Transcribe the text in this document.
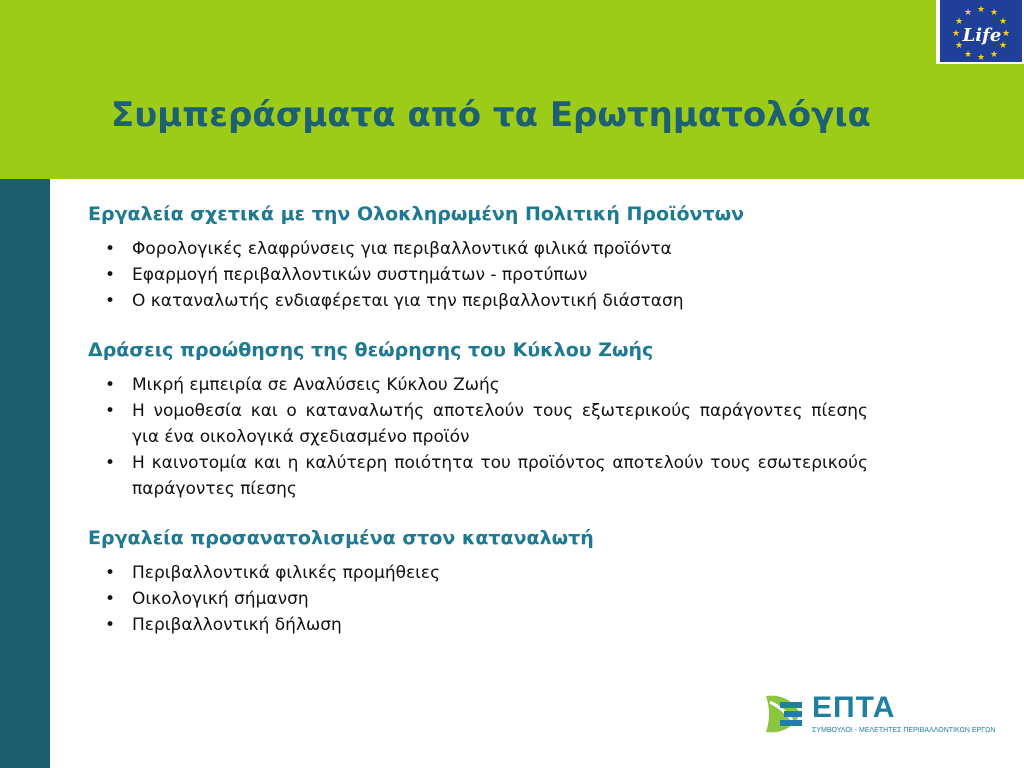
Συμπεράσματα από τα Ερωτηματολόγια
★ ★
★
★
★
★
★
★
★
★
★
★
Life
Εργαλεία σχετικά με την Ολοκληρωμένη Πολιτική Προϊόντων
• Φορολογικές ελαφρύνσεις για περιβαλλοντικά φιλικά προϊόντα
• Εφαρμογή περιβαλλοντικών συστημάτων - προτύπων
• Ο καταναλωτής ενδιαφέρεται για την περιβαλλοντική διάσταση
Δράσεις προώθησης της θεώρησης του Κύκλου Ζωής
• Μικρή εμπειρία σε Αναλύσεις Κύκλου Ζωής
• Η νομοθεσία και ο καταναλωτής αποτελούν τους εξωτερικούς παράγοντες πίεσης για ένα οικολογικά σχεδιασμένο προϊόν
• Η καινοτομία και η καλύτερη ποιότητα του προϊόντος αποτελούν τους εσωτερικούς παράγοντες πίεσης
Εργαλεία προσανατολισμένα στον καταναλωτή
• Περιβαλλοντικά φιλικές προμήθειες
• Οικολογική σήμανση
• Περιβαλλοντική δήλωση
ΕΠΤΑ
ΣΥΜΒΟΥΛΟΙ - ΜΕΛΕΤΗΤΕΣ ΠΕΡΙΒΑΛΛΟΝΤΙΚΩΝ ΕΡΓΩΝ
